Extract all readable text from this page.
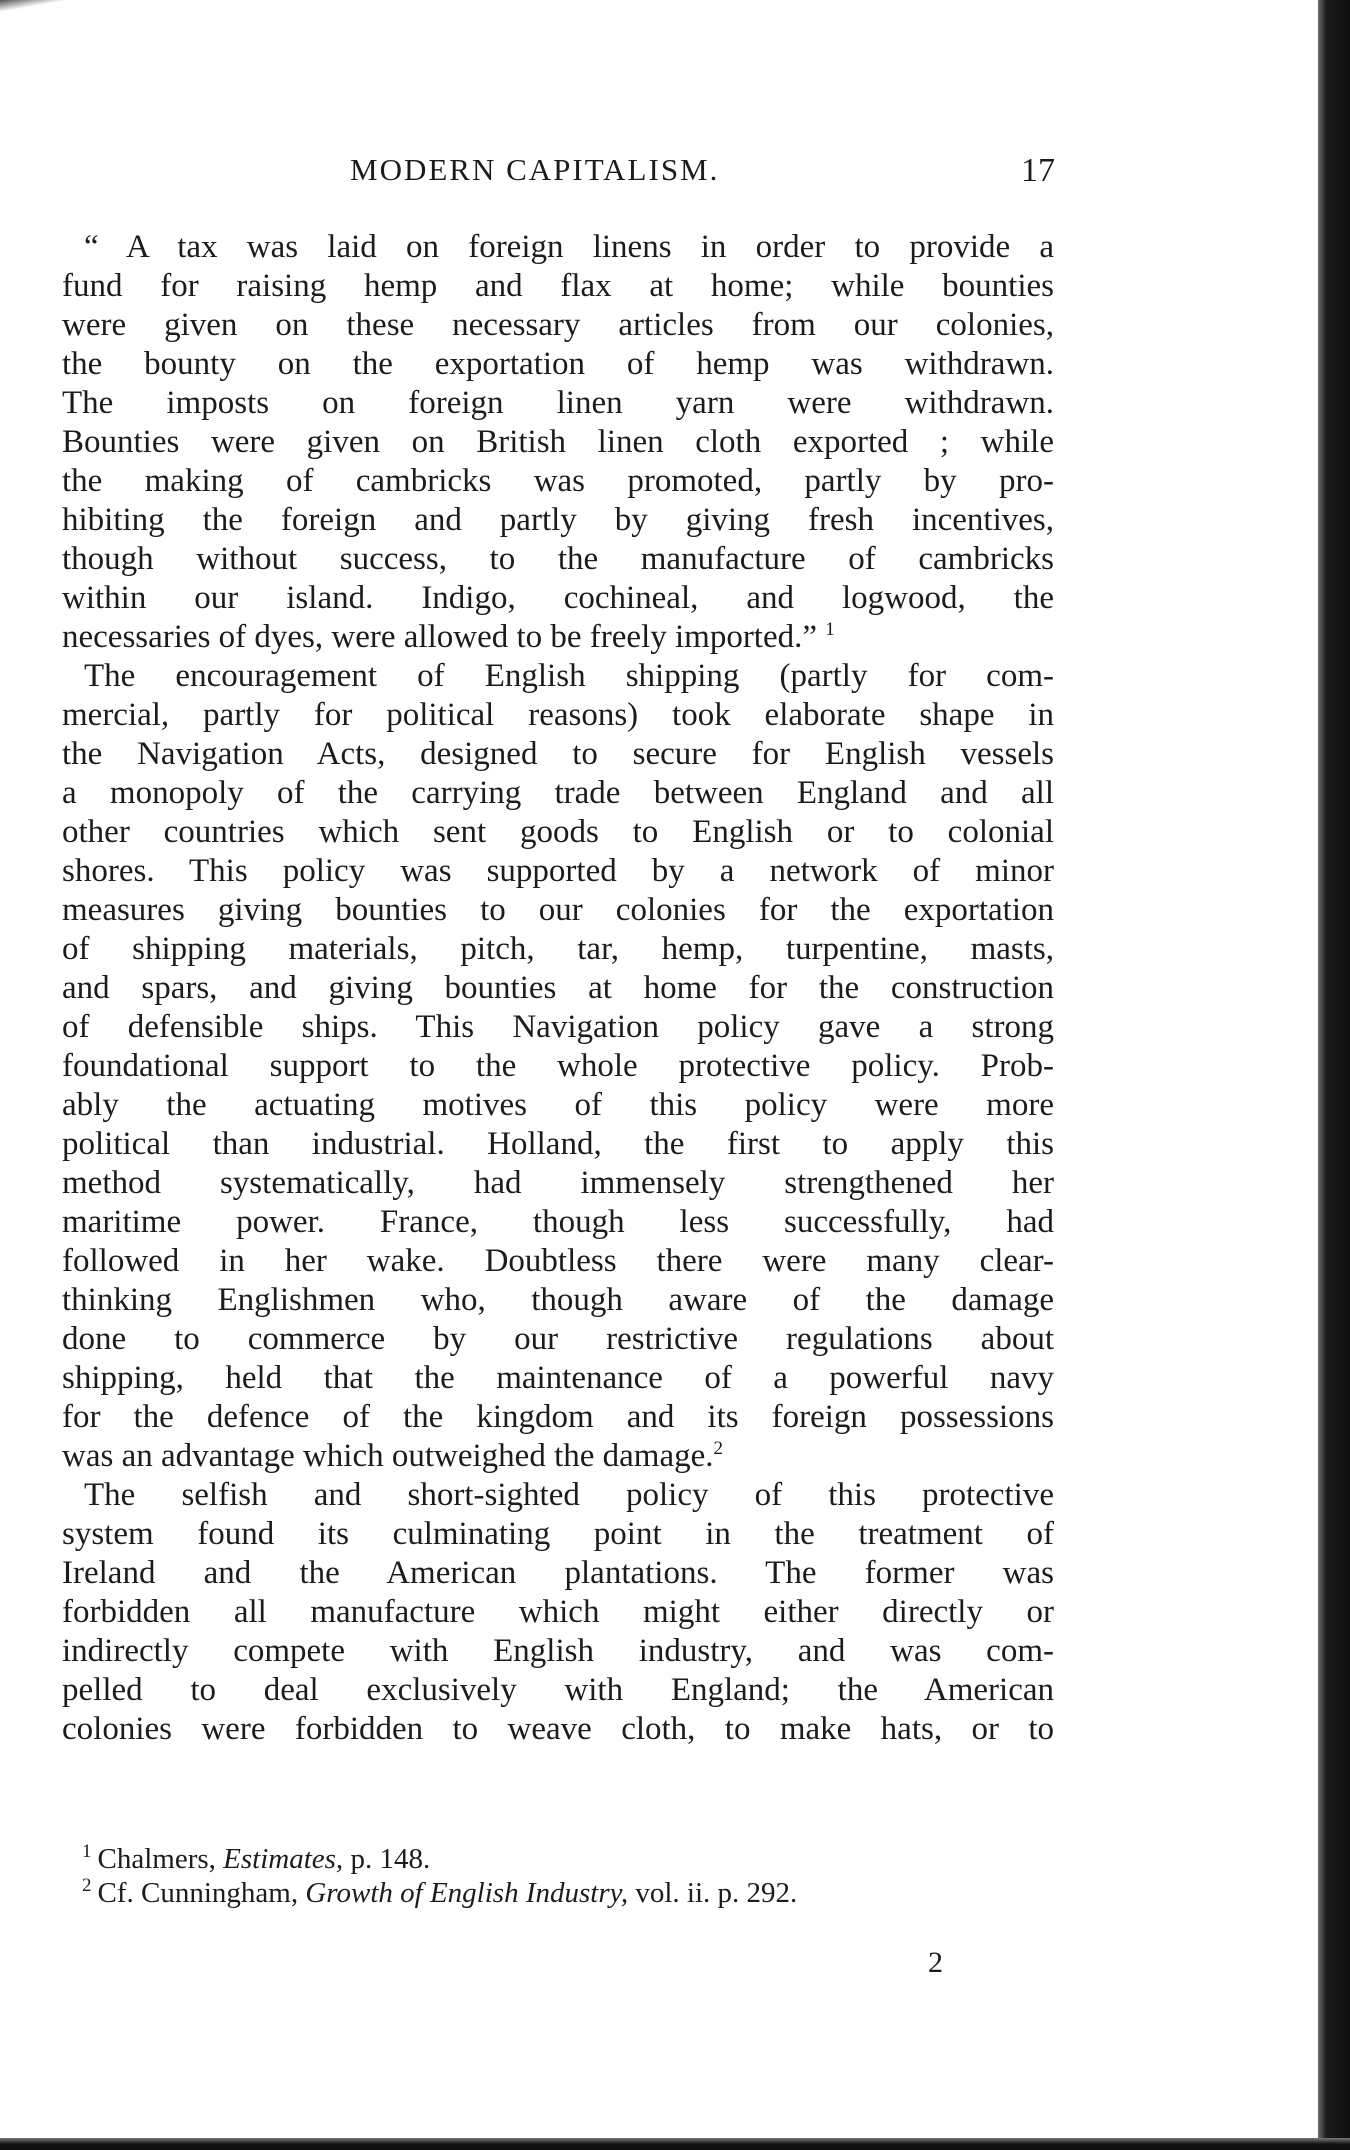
MODERN CAPITALISM.	17
“ A tax was laid on foreign linens in order to provide a
fund for raising hemp and flax at home; while bounties
were given on these necessary articles from our colonies,
the bounty on the exportation of hemp was withdrawn.
The imposts on foreign linen yarn were withdrawn.
Bounties were given on British linen cloth exported ; while
the making of cambricks was promoted, partly by pro-
hibiting the foreign and partly by giving fresh incentives,
though without success, to the manufacture of cambricks
within our island. Indigo, cochineal, and logwood, the
necessaries of dyes, were allowed to be freely imported.” $^1$
The encouragement of English shipping (partly for com-
mercial, partly for political reasons) took elaborate shape in
the Navigation Acts, designed to secure for English vessels
a monopoly of the carrying trade between England and all
other countries which sent goods to English or to colonial
shores. This policy was supported by a network of minor
measures giving bounties to our colonies for the exportation
of shipping materials, pitch, tar, hemp, turpentine, masts,
and spars, and giving bounties at home for the construction
of defensible ships. This Navigation policy gave a strong
foundational support to the whole protective policy. Prob-
ably the actuating motives of this policy were more
political than industrial. Holland, the first to apply this
method systematically, had immensely strengthened her
maritime power. France, though less successfully, had
followed in her wake. Doubtless there were many clear-
thinking Englishmen who, though aware of the damage
done to commerce by our restrictive regulations about
shipping, held that the maintenance of a powerful navy
for the defence of the kingdom and its foreign possessions
was an advantage which outweighed the damage.$^2$
The selfish and short-sighted policy of this protective
system found its culminating point in the treatment of
Ireland and the American plantations. The former was
forbidden all manufacture which might either directly or
indirectly compete with English industry, and was com-
pelled to deal exclusively with England; the American
colonies were forbidden to weave cloth, to make hats, or to
$^1$ Chalmers, Estimates, p. 148.
$^2$ Cf. Cunningham, Growth of English Industry, vol. ii. p. 292.
2
